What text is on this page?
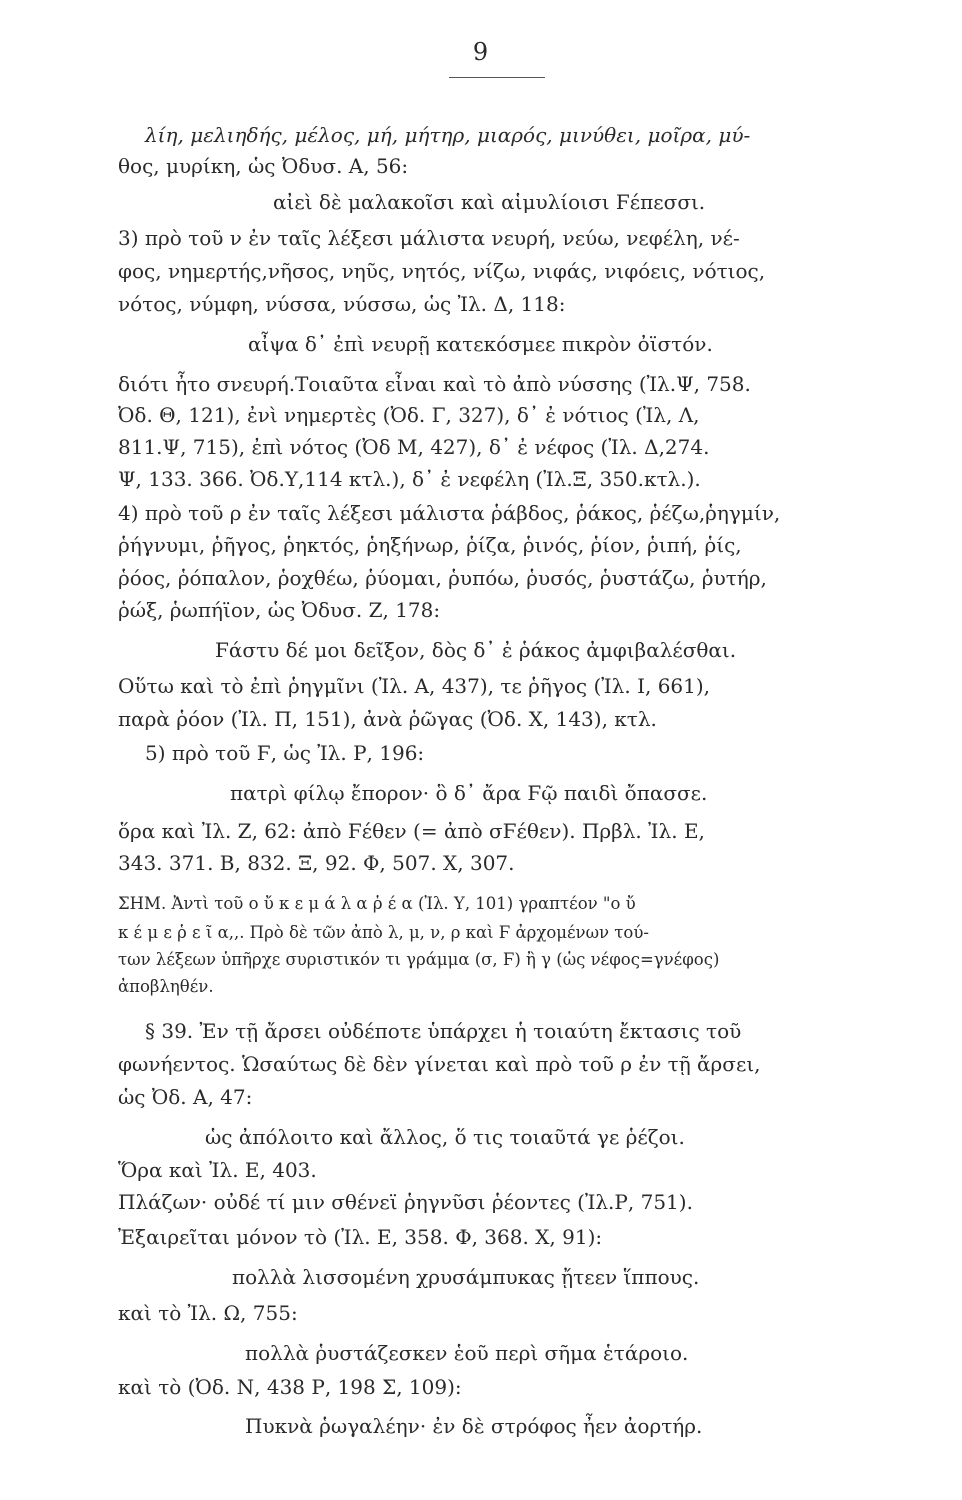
9
λίη, μελιηδής, μέλος, μή, μήτηρ, μιαρός, μινύθει, μοῖρα, μύ-
θος, μυρίκη, ὡς Ὀδυσ. Α, 56:
αἰεὶ δὲ μαλακοῖσι καὶ αἱμυλίοισι Ϝέπεσσι.
3) πρὸ τοῦ ν ἐν ταῖς λέξεσι μάλιστα νευρή, νεύω, νεφέλη, νέ-
φος, νημερτής,νῆσος, νηῦς, νητός, νίζω, νιφάς, νιφόεις, νότιος,
νότος, νύμφη, νύσσα, νύσσω, ὡς Ἰλ. Δ, 118:
αἶψα δ᾽ ἐπὶ νευρῇ κατεκόσμεε πικρὸν ὀϊστόν.
διότι ἦτο σνευρή.Τοιαῦτα εἶναι καὶ τὸ ἀπὸ νύσσης (Ἰλ.Ψ, 758.
Ὀδ. Θ, 121), ἐνὶ νημερτὲς (Ὀδ. Γ, 327), δ᾽ ἐ νότιος (Ἰλ, Λ,
811.Ψ, 715), ἐπὶ νότος (Ὀδ Μ, 427), δ᾽ ἐ νέφος (Ἰλ. Δ,274.
Ψ, 133. 366. Ὀδ.Υ,114 κτλ.), δ᾽ ἐ νεφέλη (Ἰλ.Ξ, 350.κτλ.).
4) πρὸ τοῦ ρ ἐν ταῖς λέξεσι μάλιστα ῥάβδος, ῥάκος, ῥέζω,ῥηγμίν,
ῥήγνυμι, ῥῆγος, ῥηκτός, ῥηξήνωρ, ῥίζα, ῥινός, ῥίον, ῥιπή, ῥίς,
ῥόος, ῥόπαλον, ῥοχθέω, ῥύομαι, ῥυπόω, ῥυσός, ῥυστάζω, ῥυτήρ,
ῥώξ, ῥωπήϊον, ὡς Ὀδυσ. Ζ, 178:
Ϝάστυ δέ μοι δεῖξον, δὸς δ᾽ ἐ ῥάκος ἀμφιβαλέσθαι.
Οὕτω καὶ τὸ ἐπὶ ῥηγμῖνι (Ἰλ. Α, 437), τε ῥῆγος (Ἰλ. Ι, 661),
παρὰ ῥόον (Ἰλ. Π, 151), ἀνὰ ῥῶγας (Ὀδ. Χ, 143), κτλ.
5) πρὸ τοῦ Ϝ, ὡς Ἰλ. Ρ, 196:
πατρὶ φίλῳ ἔπορον· ὃ δ᾽ ἄρα Ϝῷ παιδὶ ὄπασσε.
ὅρα καὶ Ἰλ. Ζ, 62: ἀπὸ Ϝέθεν (= ἀπὸ σϜέθεν). Πρβλ. Ἰλ. Ε,
343. 371. Β, 832. Ξ, 92. Φ, 507. Χ, 307.
ΣΗΜ. Ἀντὶ τοῦ ο ὔ κ ε μ ά λ α ῥ έ α (Ἰλ. Υ, 101) γραπτέον "ο ὔ
κ έ μ ε ῥ ε ῖ α,,. Πρὸ δὲ τῶν ἀπὸ λ, μ, ν, ρ καὶ Ϝ ἀρχομένων τού-
των λέξεων ὑπῆρχε συριστικόν τι γράμμα (σ, Ϝ) ἢ γ (ὡς νέφος=γνέφος)
ἀποβληθέν.
§ 39. Ἐν τῇ ἄρσει οὐδέποτε ὑπάρχει ἡ τοιαύτη ἔκτασις τοῦ
φωνήεντος. Ὡσαύτως δὲ δὲν γίνεται καὶ πρὸ τοῦ ρ ἐν τῇ ἄρσει,
ὡς Ὀδ. Α, 47:
ὡς ἀπόλοιτο καὶ ἄλλος, ὅ τις τοιαῦτά γε ῥέζοι.
Ὅρα καὶ Ἰλ. Ε, 403.
Πλάζων· οὐδέ τί μιν σθένεϊ ῥηγνῦσι ῥέοντες (Ἰλ.Ρ, 751).
Ἐξαιρεῖται μόνον τὸ (Ἰλ. Ε, 358. Φ, 368. Χ, 91):
πολλὰ λισσομένη χρυσάμπυκας ᾔτεεν ἵππους.
καὶ τὸ Ἰλ. Ω, 755:
πολλὰ ῥυστάζεσκεν ἑοῦ περὶ σῆμα ἑτάροιο.
καὶ τὸ (Ὀδ. Ν, 438 Ρ, 198 Σ, 109):
Πυκνὰ ῥωγαλέην· ἐν δὲ στρόφος ἦεν ἀορτήρ.
